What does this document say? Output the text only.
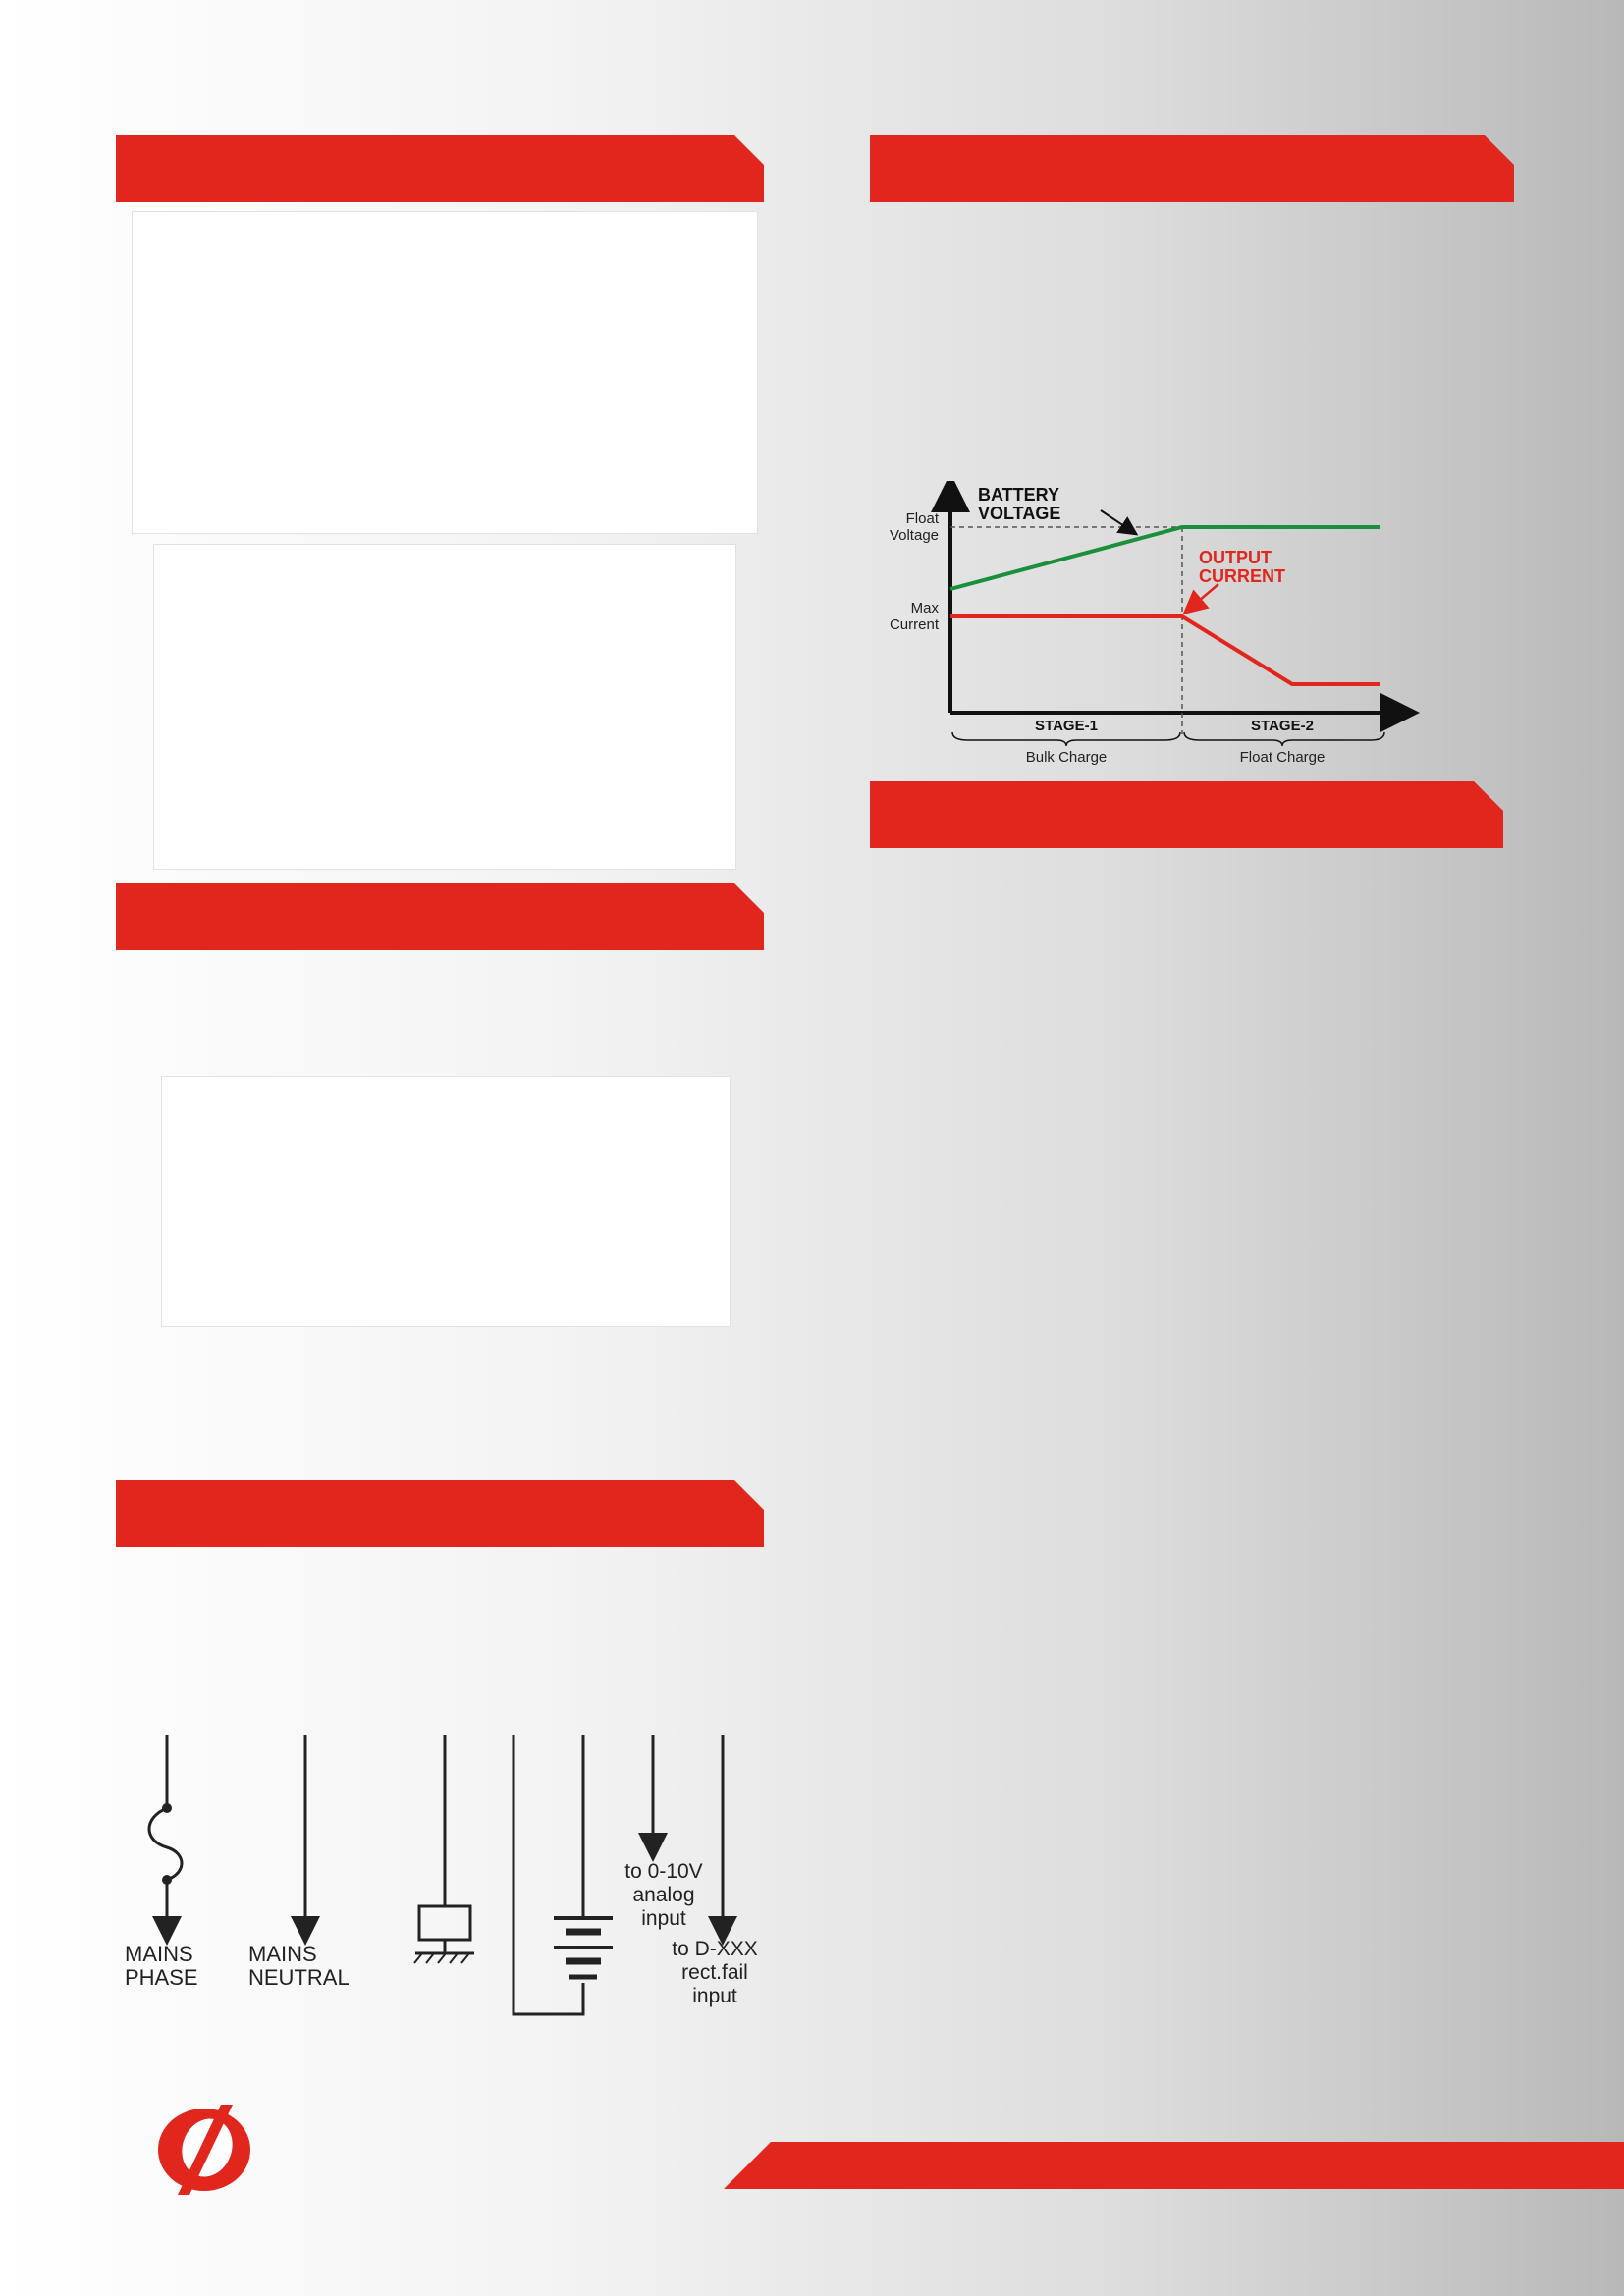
Float
Voltage
Max
Current
BATTERY
VOLTAGE
OUTPUT
CURRENT
STAGE-1	STAGE-2
Bulk Charge	Float Charge
MAINS
PHASE
MAINS
NEUTRAL
to 0-10V
analog
input
to D-XXX
rect.fail
input
